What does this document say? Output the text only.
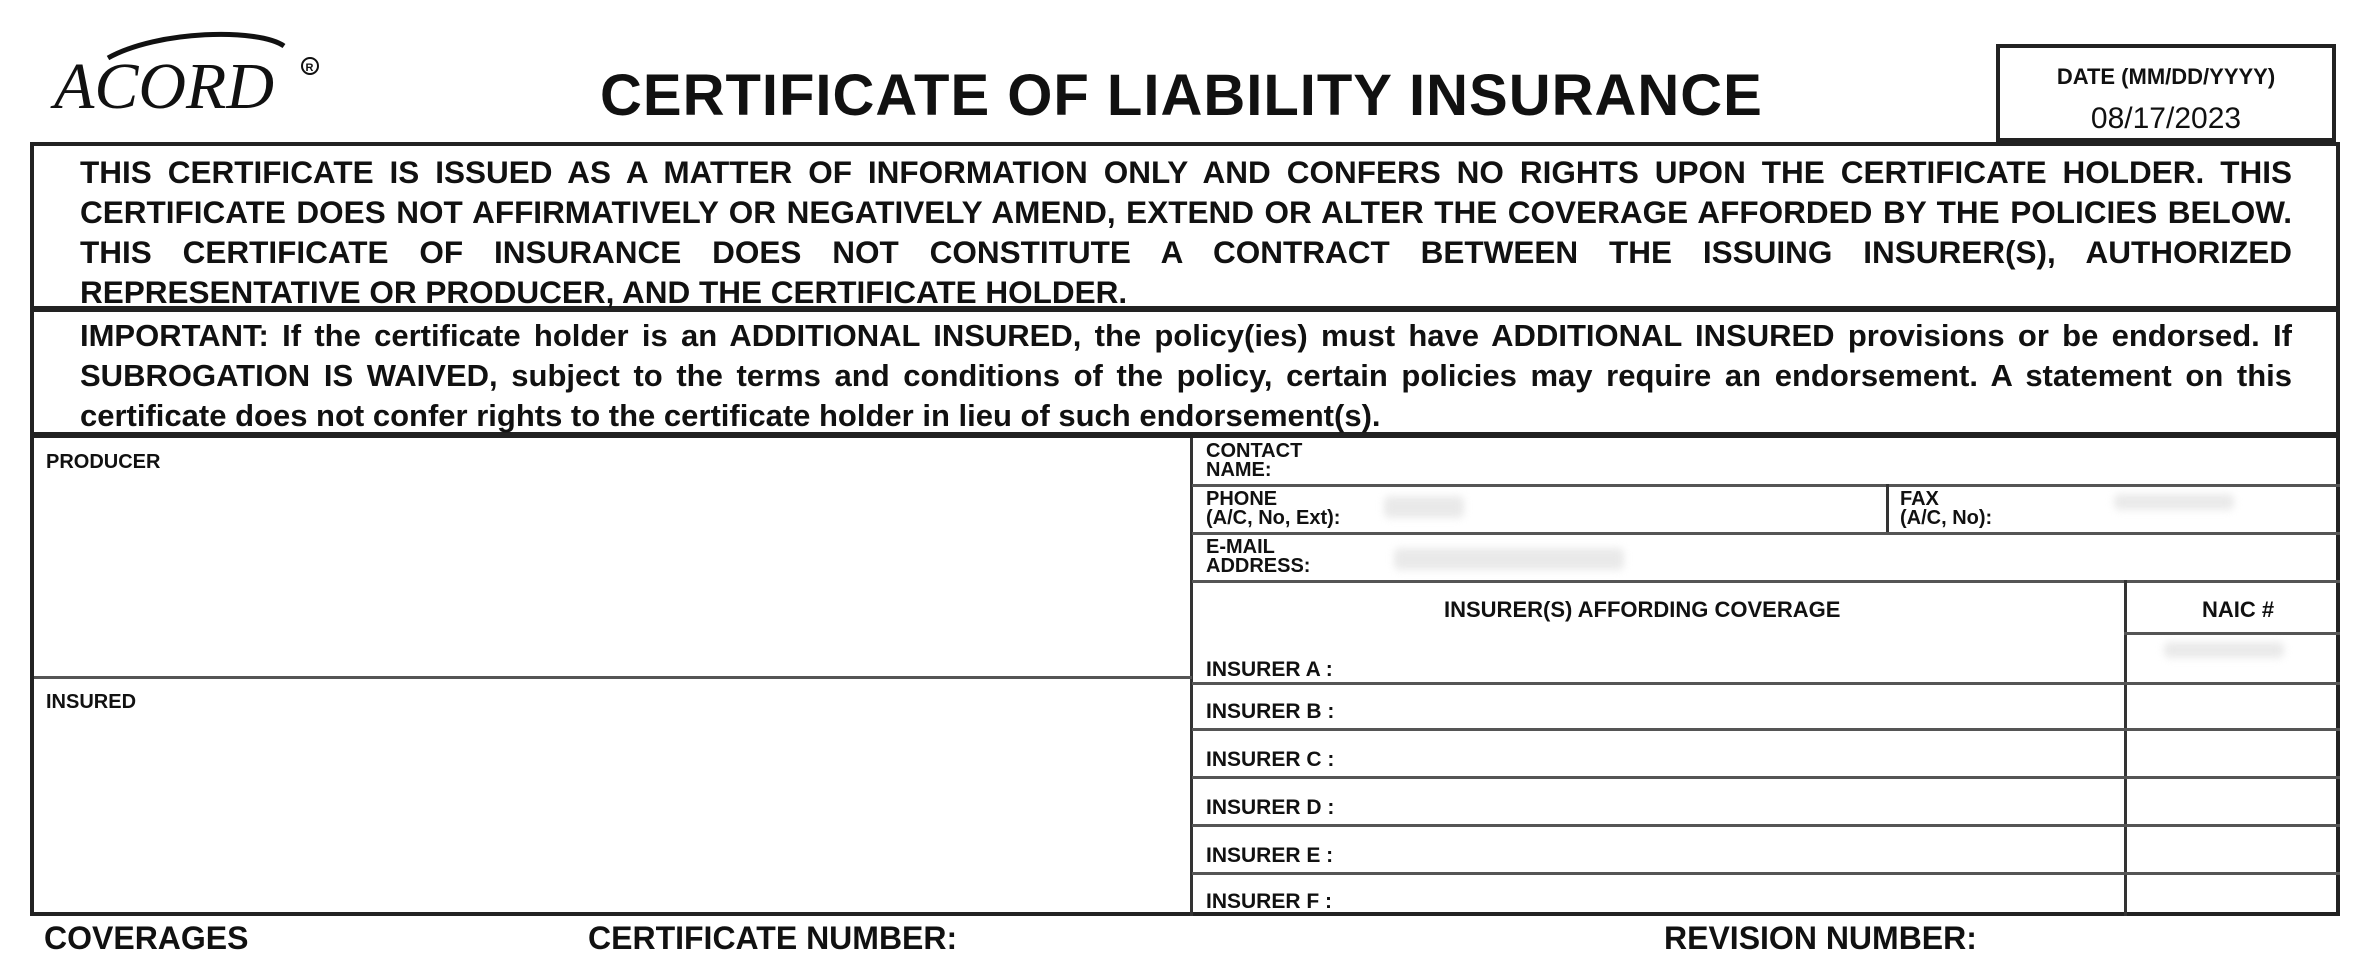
ACORD	R	CERTIFICATE OF LIABILITY INSURANCE	DATE (MM/DD/YYYY)
08/17/2023
THIS CERTIFICATE IS ISSUED AS A MATTER OF INFORMATION ONLY AND CONFERS NO RIGHTS UPON THE CERTIFICATE HOLDER. THIS CERTIFICATE DOES NOT AFFIRMATIVELY OR NEGATIVELY AMEND, EXTEND OR ALTER THE COVERAGE AFFORDED BY THE POLICIES BELOW. THIS CERTIFICATE OF INSURANCE DOES NOT CONSTITUTE A CONTRACT BETWEEN THE ISSUING INSURER(S), AUTHORIZED REPRESENTATIVE OR PRODUCER, AND THE CERTIFICATE HOLDER.
IMPORTANT: If the certificate holder is an ADDITIONAL INSURED, the policy(ies) must have ADDITIONAL INSURED provisions or be endorsed. If SUBROGATION IS WAIVED, subject to the terms and conditions of the policy, certain policies may require an endorsement. A statement on this certificate does not confer rights to the certificate holder in lieu of such endorsement(s).
PRODUCER
INSURED
CONTACT
NAME:
PHONE
(A/C, No, Ext):
FAX
(A/C, No):
E-MAIL
ADDRESS:
INSURER(S) AFFORDING COVERAGE	NAIC #
INSURER A :
INSURER B :
INSURER C :
INSURER D :
INSURER E :
INSURER F :
COVERAGES	CERTIFICATE NUMBER:	REVISION NUMBER:
